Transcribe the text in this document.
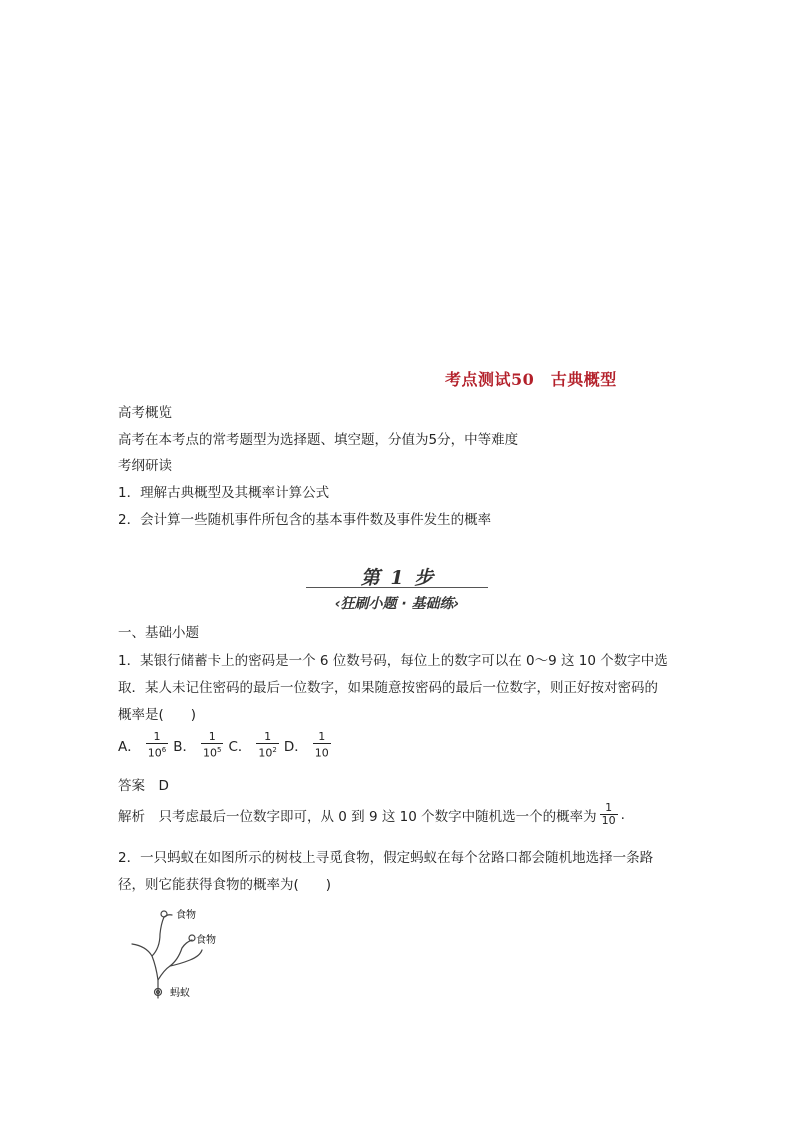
考点测试50　古典概型
高考概览
高考在本考点的常考题型为选择题、填空题，分值为5分，中等难度
考纲研读
1．理解古典概型及其概率计算公式
2．会计算一些随机事件所包含的基本事件数及事件发生的概率
第 1 步
‹狂刷小题 · 基础练›
一、基础小题
1．某银行储蓄卡上的密码是一个 6 位数号码，每位上的数字可以在 0～9 这 10 个数字中选
取．某人未记住密码的最后一位数字，如果随意按密码的最后一位数字，则正好按对密码的
概率是(　　)
A． $\frac{1}{10^6}$ B． $\frac{1}{10^5}$ C． $\frac{1}{10^2}$ D． $\frac{1}{10}$
答案　D
解析　只考虑最后一位数字即可，从 0 到 9 这 10 个数字中随机选一个的概率为 $\frac{1}{10}$ .
2．一只蚂蚁在如图所示的树枝上寻觅食物，假定蚂蚁在每个岔路口都会随机地选择一条路
径，则它能获得食物的概率为(　　)
食物
食物
蚂蚁
